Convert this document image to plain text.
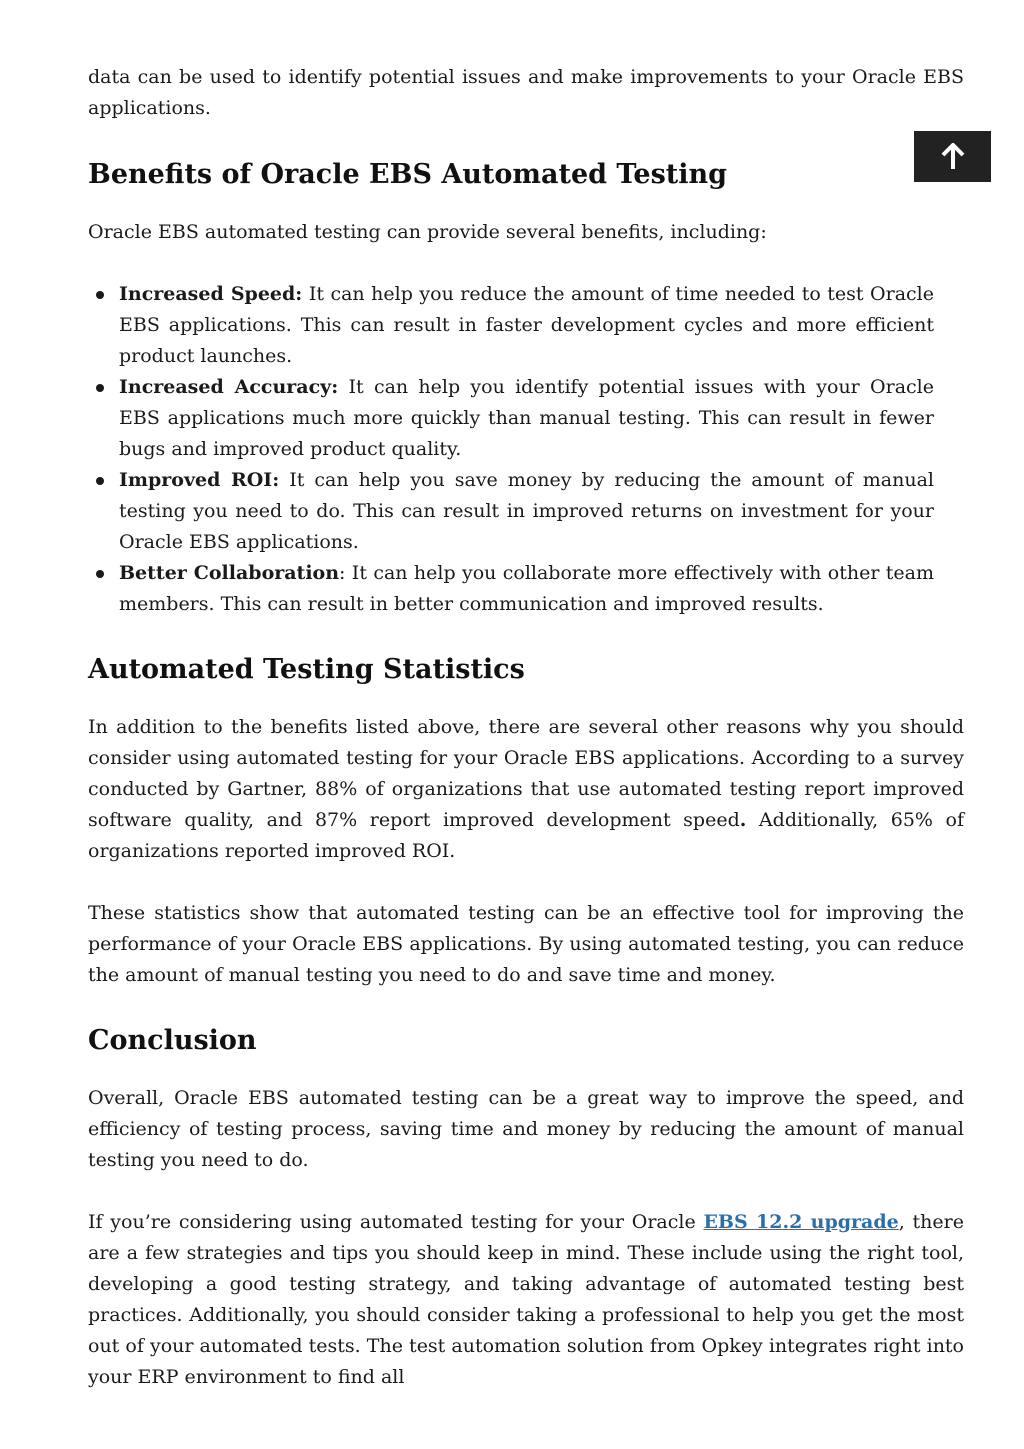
data can be used to identify potential issues and make improvements to your Oracle EBS applications.

Benefits of Oracle EBS Automated Testing

Oracle EBS automated testing can provide several benefits, including:

Increased Speed: It can help you reduce the amount of time needed to test Oracle EBS applications. This can result in faster development cycles and more efficient product launches.
Increased Accuracy: It can help you identify potential issues with your Oracle EBS applications much more quickly than manual testing. This can result in fewer bugs and improved product quality.
Improved ROI: It can help you save money by reducing the amount of manual testing you need to do. This can result in improved returns on investment for your Oracle EBS applications.
Better Collaboration: It can help you collaborate more effectively with other team members. This can result in better communication and improved results.
Automated Testing Statistics

In addition to the benefits listed above, there are several other reasons why you should consider using automated testing for your Oracle EBS applications. According to a survey conducted by Gartner, 88% of organizations that use automated testing report improved software quality, and 87% report improved development speed. Additionally, 65% of organizations reported improved ROI.

These statistics show that automated testing can be an effective tool for improving the performance of your Oracle EBS applications. By using automated testing, you can reduce the amount of manual testing you need to do and save time and money.

Conclusion

Overall, Oracle EBS automated testing can be a great way to improve the speed, and efficiency of testing process, saving time and money by reducing the amount of manual testing you need to do.

If you’re considering using automated testing for your Oracle EBS 12.2 upgrade, there are a few strategies and tips you should keep in mind. These include using the right tool, developing a good testing strategy, and taking advantage of automated testing best practices. Additionally, you should consider taking a professional to help you get the most out of your automated tests. The test automation solution from Opkey integrates right into your ERP environment to find all
